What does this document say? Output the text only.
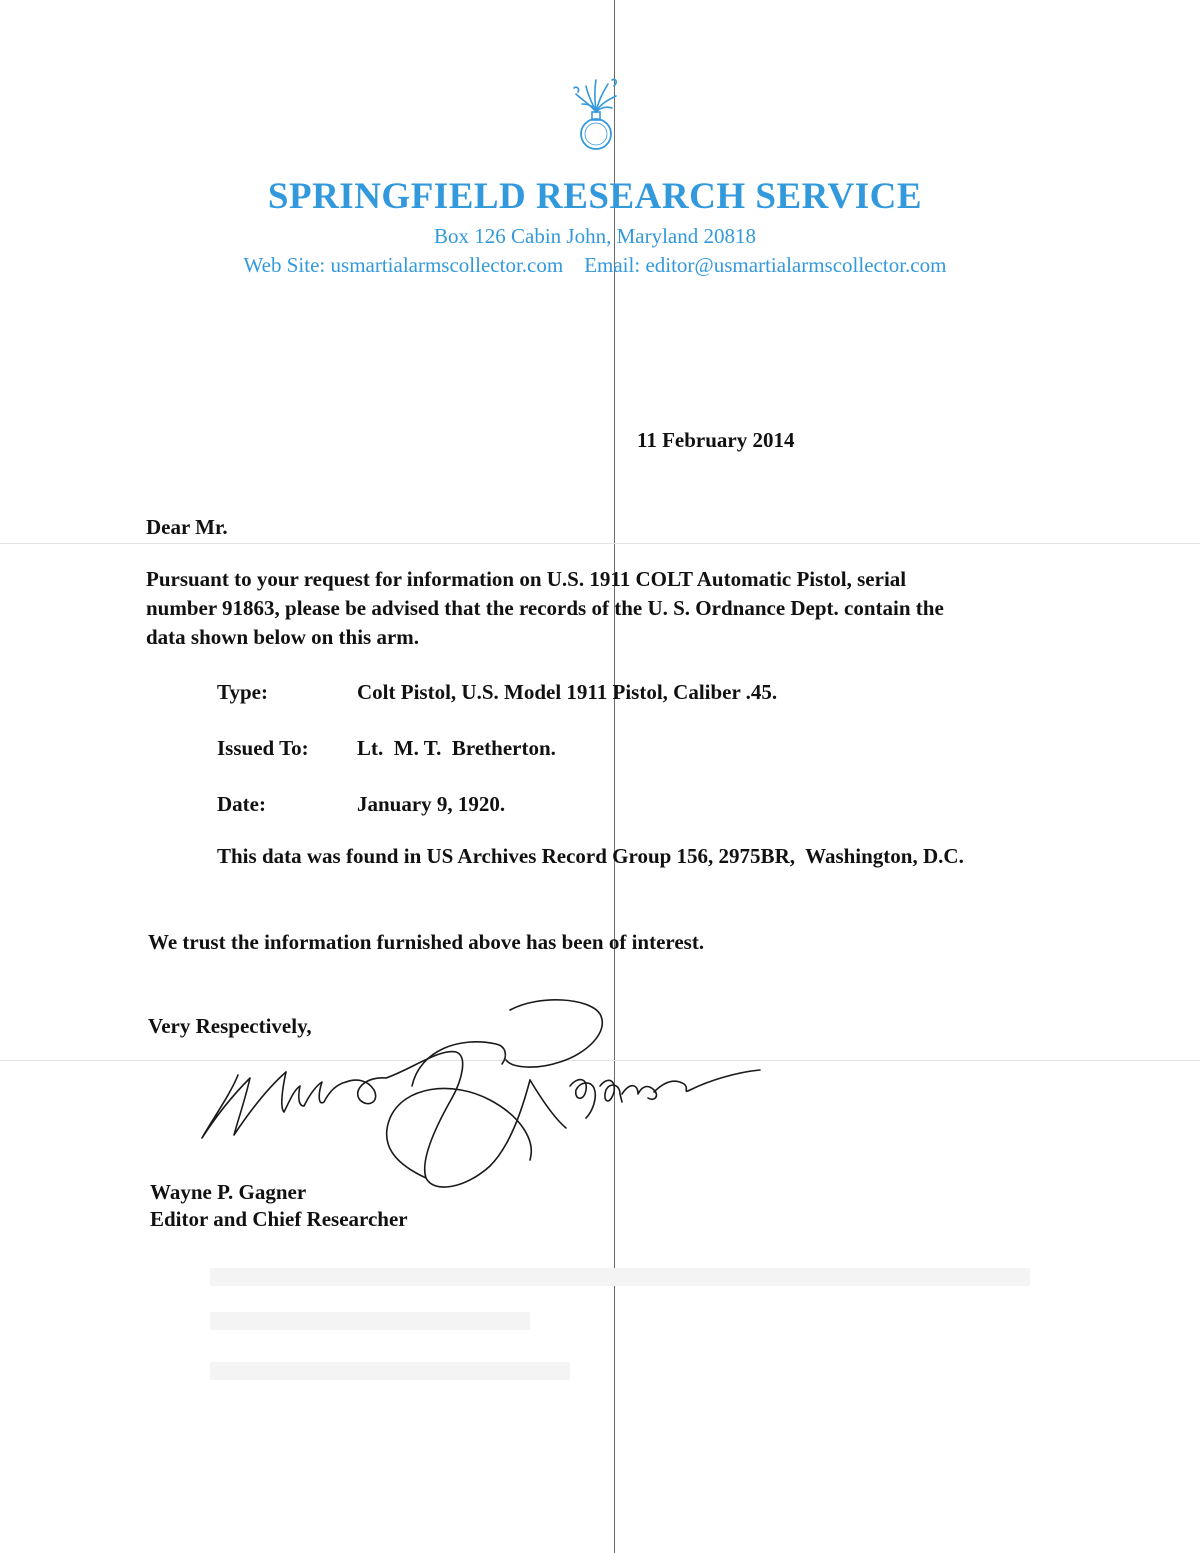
SPRINGFIELD RESEARCH SERVICE
Box 126 Cabin John, Maryland 20818
Web Site: usmartialarmscollector.com Email: editor@usmartialarmscollector.com
11 February 2014
Dear Mr.
Pursuant to your request for information on U.S. 1911 COLT Automatic Pistol, serial
number 91863, please be advised that the records of the U. S. Ordnance Dept. contain the
data shown below on this arm.
Type:	Colt Pistol, U.S. Model 1911 Pistol, Caliber .45.
Issued To: Lt.  M. T.  Bretherton.
Date:	January 9, 1920.
This data was found in US Archives Record Group 156, 2975BR,  Washington, D.C.
We trust the information furnished above has been of interest.
Very Respectively,
Wayne P. Gagner
Editor and Chief Researcher
